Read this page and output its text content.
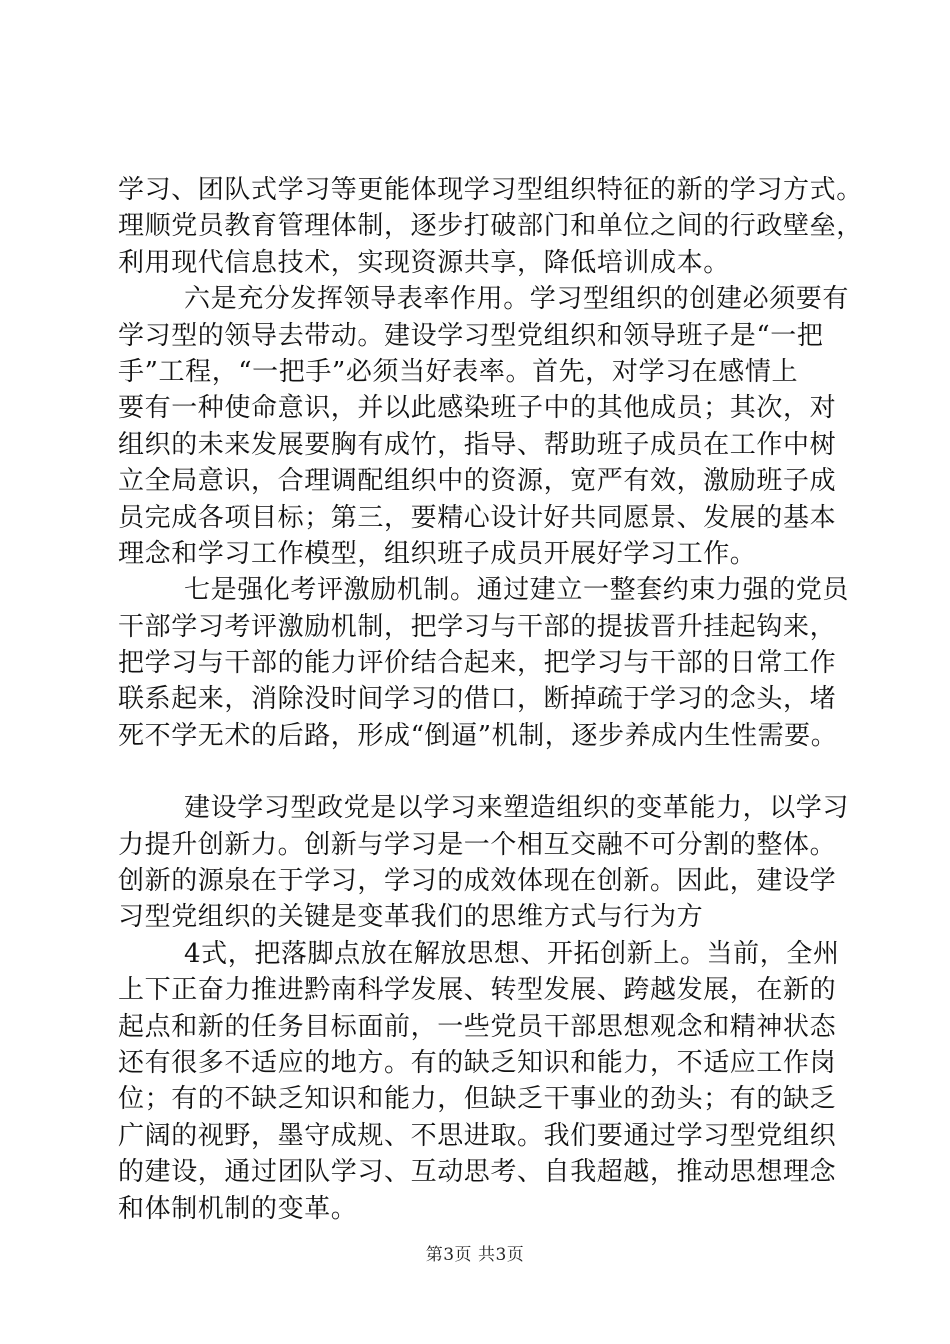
学习、团队式学习等更能体现学习型组织特征的新的学习方式。
理顺党员教育管理体制，逐步打破部门和单位之间的行政壁垒，
利用现代信息技术，实现资源共享，降低培训成本。
六是充分发挥领导表率作用。学习型组织的创建必须要有
学习型的领导去带动。建设学习型党组织和领导班子是“一把
手”工程，“一把手”必须当好表率。首先，对学习在感情上
要有一种使命意识，并以此感染班子中的其他成员；其次，对
组织的未来发展要胸有成竹，指导、帮助班子成员在工作中树
立全局意识，合理调配组织中的资源，宽严有效，激励班子成
员完成各项目标；第三，要精心设计好共同愿景、发展的基本
理念和学习工作模型，组织班子成员开展好学习工作。
七是强化考评激励机制。通过建立一整套约束力强的党员
干部学习考评激励机制，把学习与干部的提拔晋升挂起钩来，
把学习与干部的能力评价结合起来，把学习与干部的日常工作
联系起来，消除没时间学习的借口，断掉疏于学习的念头，堵
死不学无术的后路，形成“倒逼”机制，逐步养成内生性需要。
建设学习型政党是以学习来塑造组织的变革能力，以学习
力提升创新力。创新与学习是一个相互交融不可分割的整体。
创新的源泉在于学习，学习的成效体现在创新。因此，建设学
习型党组织的关键是变革我们的思维方式与行为方
4式，把落脚点放在解放思想、开拓创新上。当前，全州
上下正奋力推进黔南科学发展、转型发展、跨越发展，在新的
起点和新的任务目标面前，一些党员干部思想观念和精神状态
还有很多不适应的地方。有的缺乏知识和能力，不适应工作岗
位；有的不缺乏知识和能力，但缺乏干事业的劲头；有的缺乏
广阔的视野，墨守成规、不思进取。我们要通过学习型党组织
的建设，通过团队学习、互动思考、自我超越，推动思想理念
和体制机制的变革。
第3页 共3页
